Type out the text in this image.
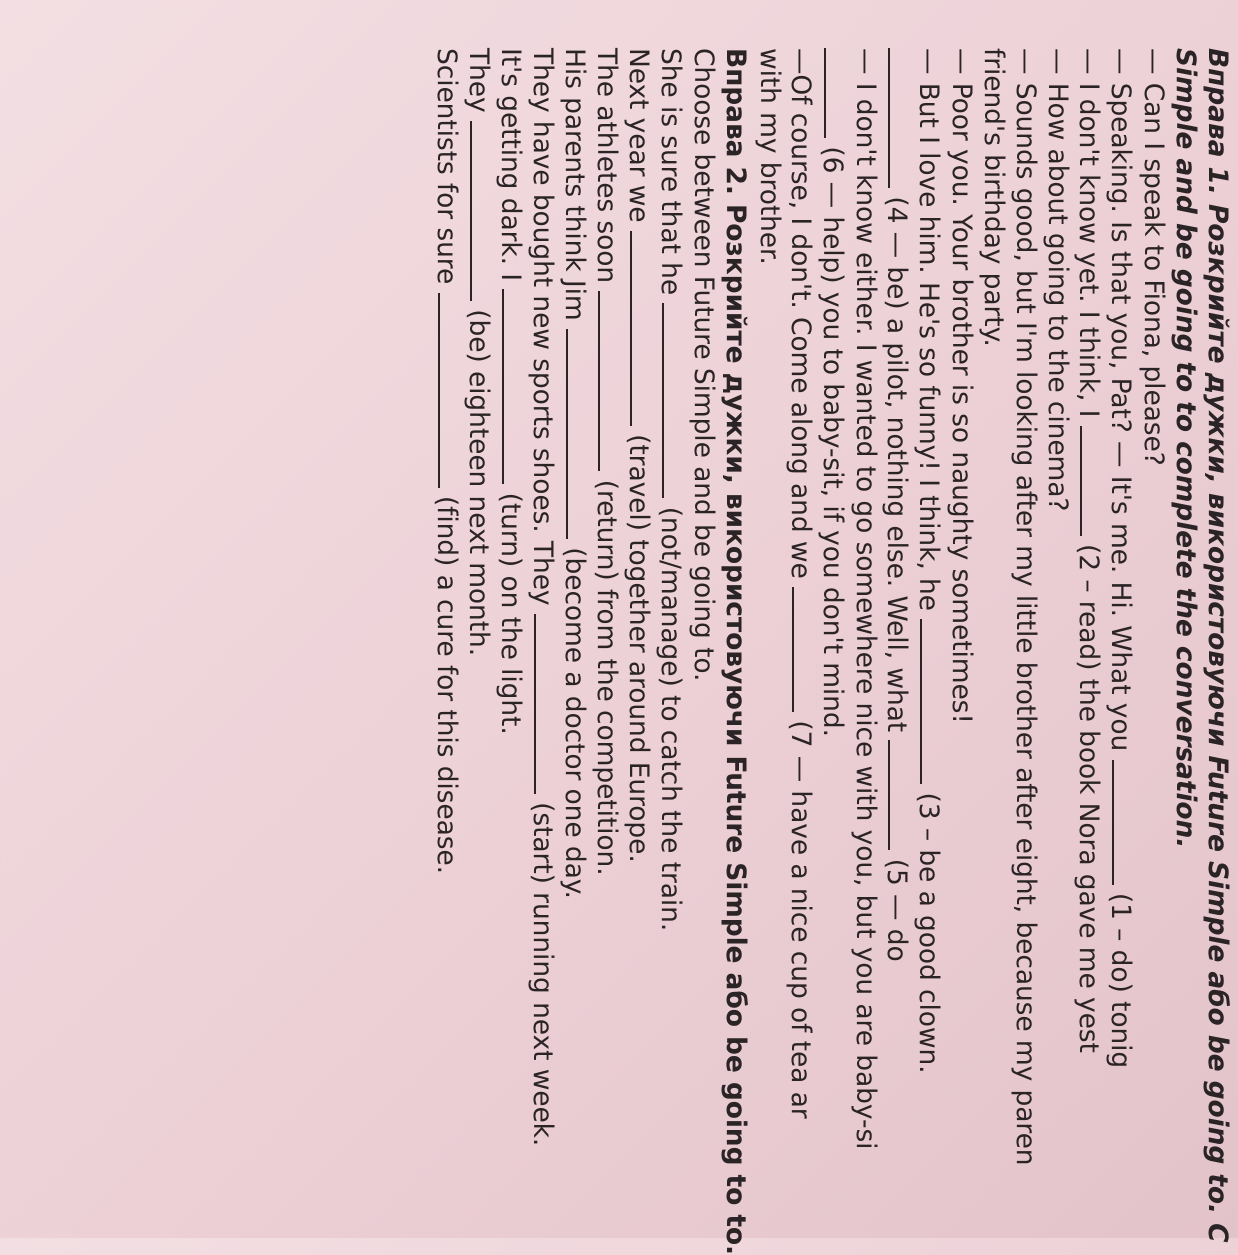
Вправа 1. Розкрийте дужки, використовуючи Future Simple або be going to. C
Simple and be going to to complete the conversation.
— Can I speak to Fiona, please?
— Speaking. Is that you, Pat? — It's me. Hi. What you  (1 – do) tonig
— I don't know yet. I think, I  (2 – read) the book Nora gave me yest
— How about going to the cinema?
— Sounds good, but I'm looking after my little brother after eight, because my paren
friend's birthday party.
— Poor you. Your brother is so naughty sometimes!
— But I love him. He's so funny! I think, he  (3 – be a good clown.
(4 — be) a pilot, nothing else. Well, what  (5 — do
— I don't know either. I wanted to go somewhere nice with you, but you are baby-si
(6 — help) you to baby-sit, if you don't mind.
—Of course, I don't. Come along and we  (7 — have a nice cup of tea ar
with my brother.
Вправа 2. Розкрийте дужки, використовуючи Future Simple або be going to to.
Choose between Future Simple and be going to.
She is sure that he  (not/manage) to catch the train.
Next year we  (travel) together around Europe.
The athletes soon  (return) from the competition.
His parents think Jim  (become a doctor one day.
They have bought new sports shoes. They  (start) running next week.
It's getting dark. I  (turn) on the light.
They  (be) eighteen next month.
Scientists for sure  (find) a cure for this disease.
